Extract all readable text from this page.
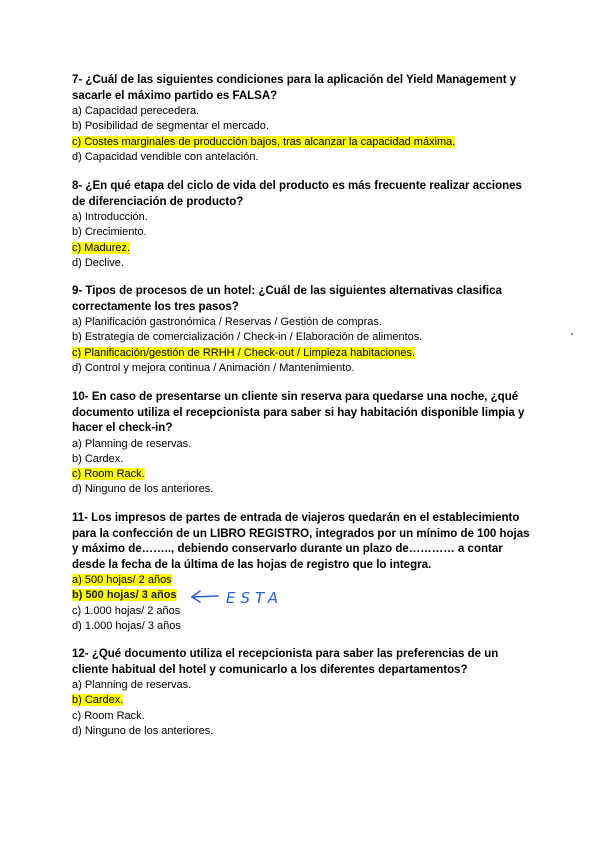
7- ¿Cuál de las siguientes condiciones para la aplicación del Yield Management y sacarle el máximo partido es FALSA?

a) Capacidad perecedera.

b) Posibilidad de segmentar el mercado.

c) Costes marginales de producción bajos, tras alcanzar la capacidad máxima.

d) Capacidad vendible con antelación.

8- ¿En qué etapa del ciclo de vida del producto es más frecuente realizar acciones de diferenciación de producto?

a) Introducción.

b) Crecimiento.

c) Madurez.

d) Declive.

9- Tipos de procesos de un hotel: ¿Cuál de las siguientes alternativas clasifica correctamente los tres pasos?

a) Planificación gastronómica / Reservas / Gestión de compras.

b) Estrategia de comercialización / Check-in / Elaboración de alimentos.

c) Planificación/gestión de RRHH / Check-out / Limpieza habitaciones.

d) Control y mejora continua / Animación / Mantenimiento.

10- En caso de presentarse un cliente sin reserva para quedarse una noche, ¿qué documento utiliza el recepcionista para saber si hay habitación disponible limpia y hacer el check-in?

a) Planning de reservas.

b) Cardex.

c) Room Rack.

d) Ninguno de los anteriores.

11- Los impresos de partes de entrada de viajeros quedarán en el establecimiento para la confección de un LIBRO REGISTRO, integrados por un mínimo de 100 hojas y máximo de…….., debiendo conservarlo durante un plazo de………… a contar desde la fecha de la última de las hojas de registro que lo integra.

a) 500 hojas/ 2 años

b) 500 hojas/ 3 años

c) 1.000 hojas/ 2 años

d) 1.000 hojas/ 3 años

12- ¿Qué documento utiliza el recepcionista para saber las preferencias de un cliente habitual del hotel y comunicarlo a los diferentes departamentos?

a) Planning de reservas.

b) Cardex.

c) Room Rack.

d) Ninguno de los anteriores.

ESTA
